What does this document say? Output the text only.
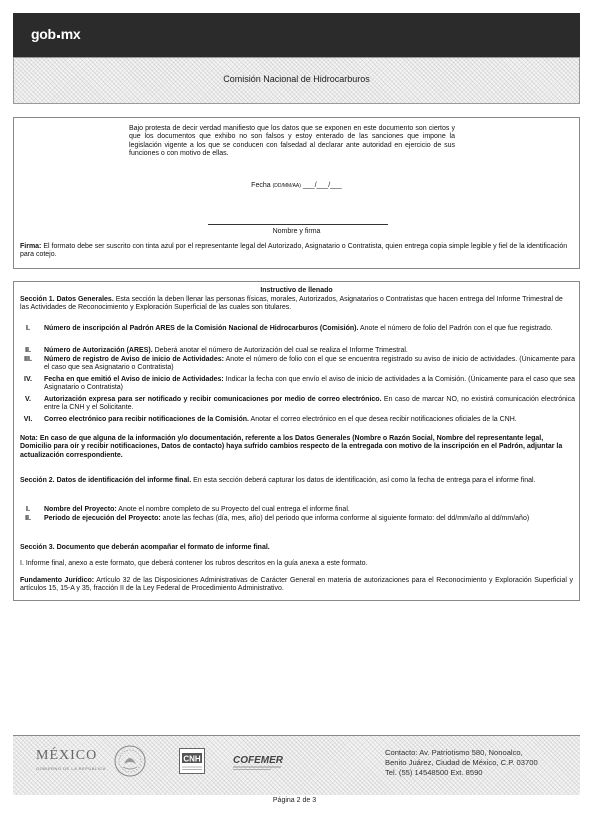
gob mx
Comisión Nacional de Hidrocarburos
Bajo protesta de decir verdad manifiesto que los datos que se exponen en este documento son ciertos y que los documentos que exhibo no son falsos y estoy enterado de las sanciones que impone la legislación vigente a los que se conducen con falsedad al declarar ante autoridad en ejercicio de sus funciones o con motivo de ellas.
Fecha (DD/MM/AA) ___/___/___
Nombre y firma
Firma: El formato debe ser suscrito con tinta azul por el representante legal del Autorizado, Asignatario o Contratista, quien entrega copia simple legible y fiel de la identificación para cotejo.
Instructivo de llenado
Sección 1. Datos Generales. Esta sección la deben llenar las personas físicas, morales, Autorizados, Asignatarios o Contratistas que hacen entrega del Informe Trimestral de las Actividades de Reconocimiento y Exploración Superficial de las cuales son titulares.
I.	Número de inscripción al Padrón ARES de la Comisión Nacional de Hidrocarburos (Comisión). Anote el número de folio del Padrón con el que fue registrado.
II.	Número de Autorización (ARES). Deberá anotar el número de Autorización del cual se realiza el Informe Trimestral.
III.	Número de registro de Aviso de inicio de Actividades: Anote el número de folio con el que se encuentra registrado su aviso de inicio de actividades. (Únicamente para el caso que sea Asignatario o Contratista)
IV.	Fecha en que emitió el Aviso de inicio de Actividades: Indicar la fecha con que envío el aviso de inicio de actividades a la Comisión. (Únicamente para el caso que sea Asignatario o Contratista)
V.	Autorización expresa para ser notificado y recibir comunicaciones por medio de correo electrónico. En caso de marcar NO, no existirá comunicación electrónica entre la CNH y el Solicitante.
VI.	Correo electrónico para recibir notificaciones de la Comisión. Anotar el correo electrónico en el que desea recibir notificaciones oficiales de la CNH.
Nota: En caso de que alguna de la información y/o documentación, referente a los Datos Generales (Nombre o Razón Social, Nombre del representante legal, Domicilio para oír y recibir notificaciones, Datos de contacto) haya sufrido cambios respecto de la entregada con motivo de la inscripción en el Padrón, adjuntar la actualización correspondiente.
Sección 2. Datos de identificación del informe final. En esta sección deberá capturar los datos de identificación, así como la fecha de entrega para el informe final.
I.	Nombre del Proyecto: Anote el nombre completo de su Proyecto del cual entrega el informe final.
II.	Periodo de ejecución del Proyecto: anote las fechas (día, mes, año) del periodo que informa conforme al siguiente formato: del dd/mm/año al dd/mm/año)
Sección 3. Documento que deberán acompañar el formato de informe final.
I. Informe final, anexo a este formato, que deberá contener los rubros descritos en la guía anexa a este formato.
Fundamento Jurídico: Artículo 32 de las Disposiciones Administrativas de Carácter General en materia de autorizaciones para el Reconocimiento y Exploración Superficial y artículos 15, 15-A y 35, fracción II de la Ley Federal de Procedimiento Administrativo.
MÉXICO
GOBIERNO DE LA REPÚBLICA
CNH	COFEMER
Contacto: Av. Patriotismo 580, Nonoalco,
Benito Juárez, Ciudad de México, C.P. 03700
Tel. (55) 14548500 Ext. 8590
Página 2 de 3
